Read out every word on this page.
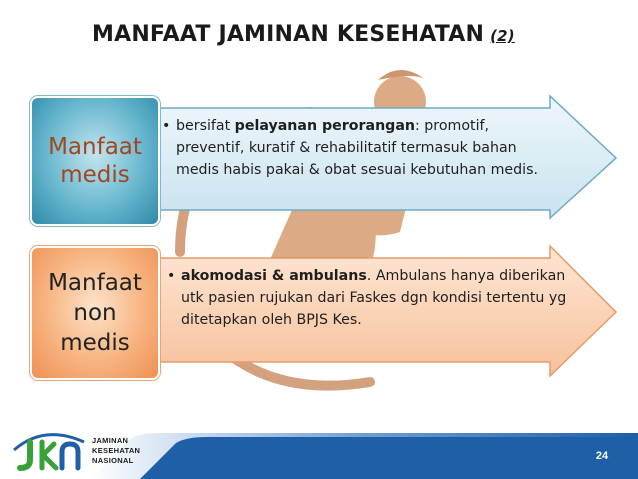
MANFAAT JAMINAN KESEHATAN (2)
• bersifat pelayanan perorangan: promotif, preventif, kuratif & rehabilitatif termasuk bahan medis habis pakai & obat sesuai kebutuhan medis.
Manfaat
medis
• akomodasi & ambulans. Ambulans hanya diberikan utk pasien rujukan dari Faskes dgn kondisi tertentu yg ditetapkan oleh BPJS Kes.
Manfaat
non
medis
24
JAMINAN
KESEHATAN
NASIONAL
